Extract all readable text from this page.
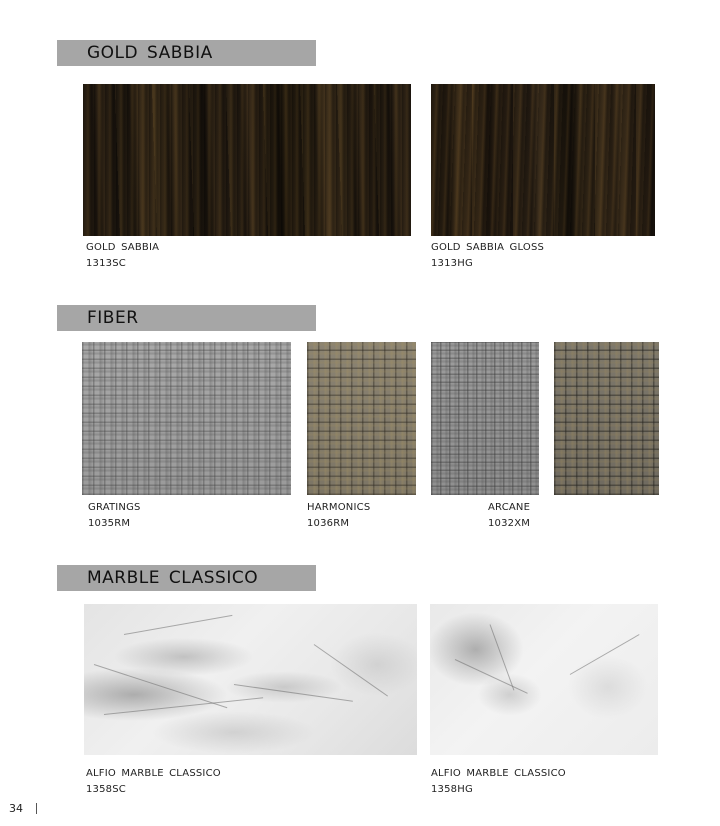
GOLD SABBIA
GOLD SABBIA
1313SC
GOLD SABBIA GLOSS
1313HG
FIBER
GRATINGS
1035RM
HARMONICS
1036RM
ARCANE
1032XM
MARBLE CLASSICO
ALFIO MARBLE CLASSICO
1358SC
ALFIO MARBLE CLASSICO
1358HG
34
